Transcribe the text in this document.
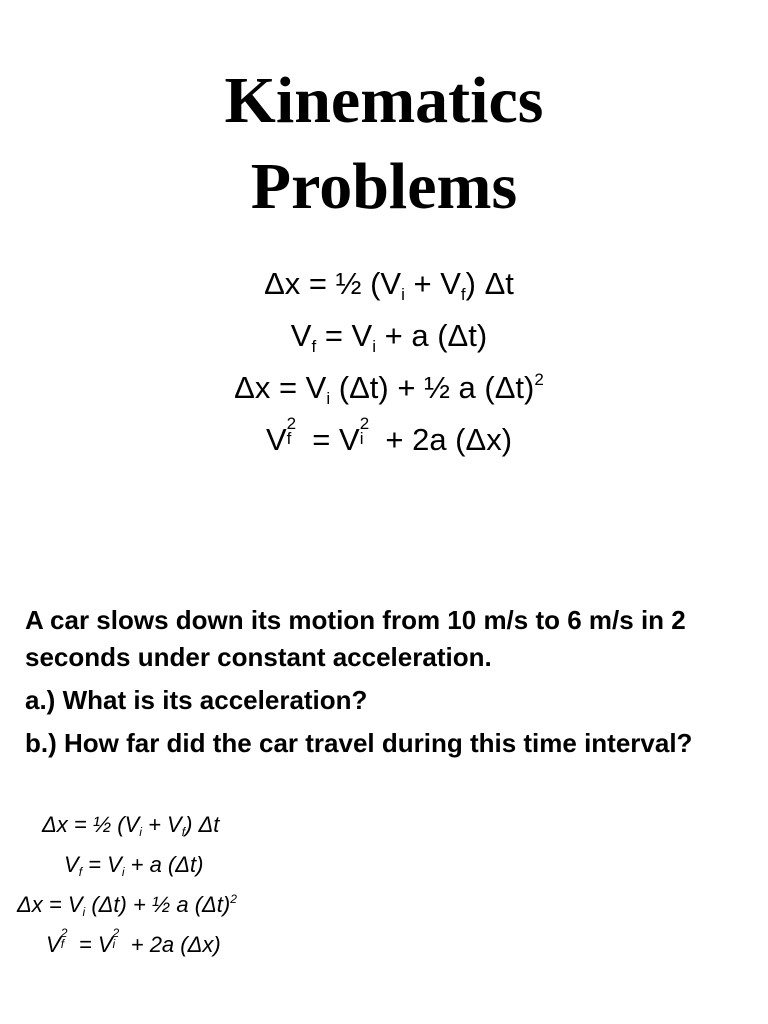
Kinematics
Problems
Δx = ½ $(V_i + V_f)$ Δt
$V_f = V_i + a$ (Δt)
$\Delta x = V_i$ (Δt) + ½ a $(\Delta t)^2$
V 2
f = V 2
i + 2a (Δx)

A car slows down its motion from 10 m/s to 6 m/s in 2 seconds under constant acceleration.

a.) What is its acceleration?

b.) How far did the car travel during this time interval?

Δx = ½ $(V_i + V_f)$ Δt
$V_f = V_i + a$ (Δt)
$\Delta x = V_i$ (Δt) + ½ a $(\Delta t)^2$
V 2
f = V 2
i + 2a (Δx)
